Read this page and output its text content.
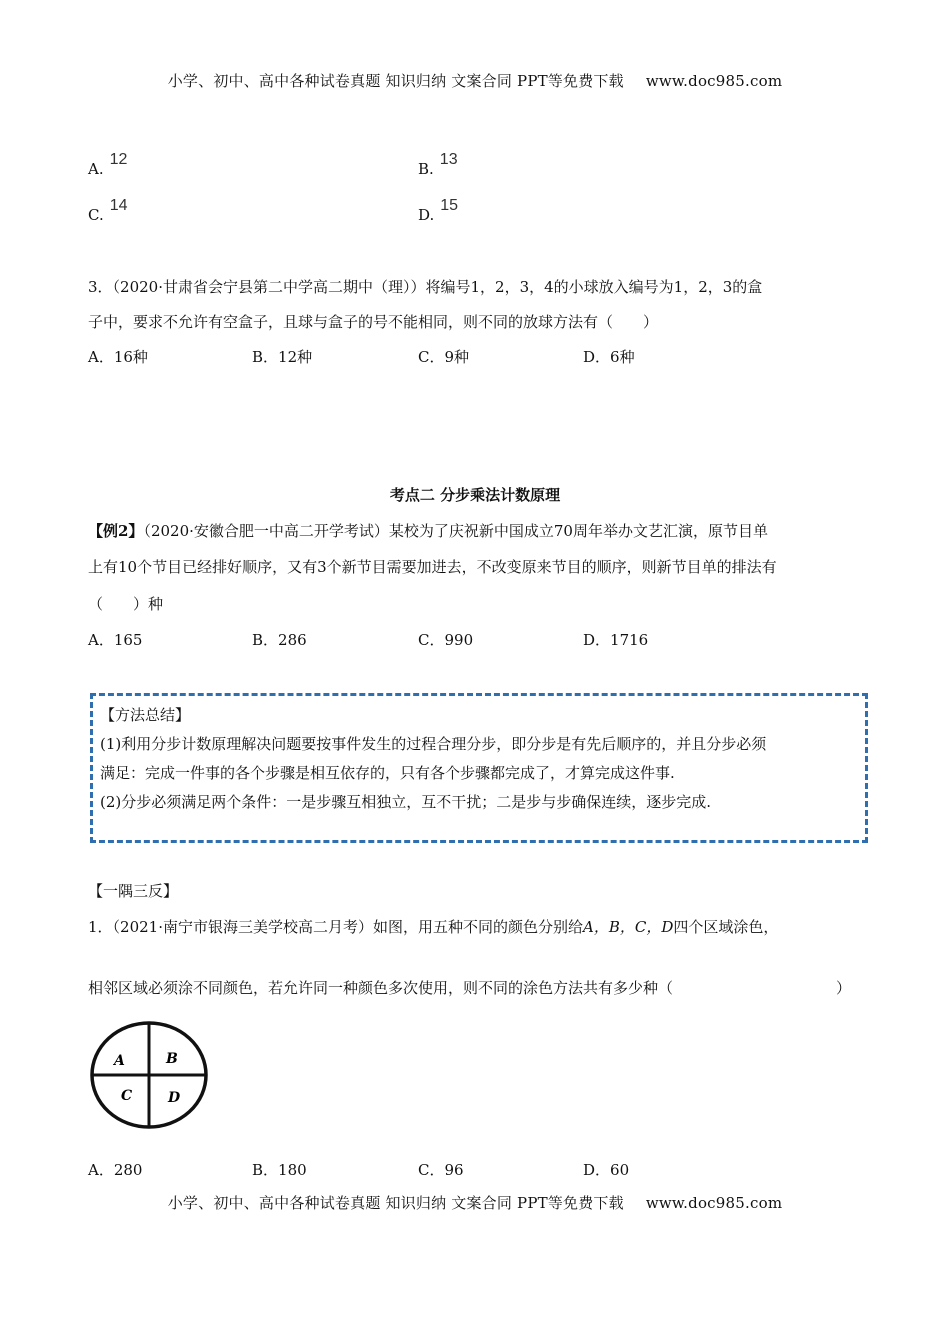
小学、初中、高中各种试卷真题 知识归纳 文案合同 PPT等免费下载 www.doc985.com
A.12
B.13
C.14
D.15
3．（2020·甘肃省会宁县第二中学高二期中（理））将编号1，2，3，4的小球放入编号为1，2，3的盒
子中，要求不允许有空盒子，且球与盒子的号不能相同，则不同的放球方法有（　　）
A．16种	B．12种	C．9种	D．6种
考点二 分步乘法计数原理
【例2】（2020·安徽合肥一中高二开学考试）某校为了庆祝新中国成立70周年举办文艺汇演，原节目单
上有10个节目已经排好顺序，又有3个新节目需要加进去，不改变原来节目的顺序，则新节目单的排法有
（　　）种
A．165	B．286	C．990	D．1716
【方法总结】
(1)利用分步计数原理解决问题要按事件发生的过程合理分步，即分步是有先后顺序的，并且分步必须
满足：完成一件事的各个步骤是相互依存的，只有各个步骤都完成了，才算完成这件事.
(2)分步必须满足两个条件：一是步骤互相独立，互不干扰；二是步与步确保连续，逐步完成.
【一隅三反】
1．（2021·南宁市银海三美学校高二月考）如图，用五种不同的颜色分别给A，B，C，D四个区域涂色，
相邻区域必须涂不同颜色，若允许同一种颜色多次使用，则不同的涂色方法共有多少种（	）
A	B
C	D
A．280	B．180	C．96	D．60
小学、初中、高中各种试卷真题 知识归纳 文案合同 PPT等免费下载 www.doc985.com
